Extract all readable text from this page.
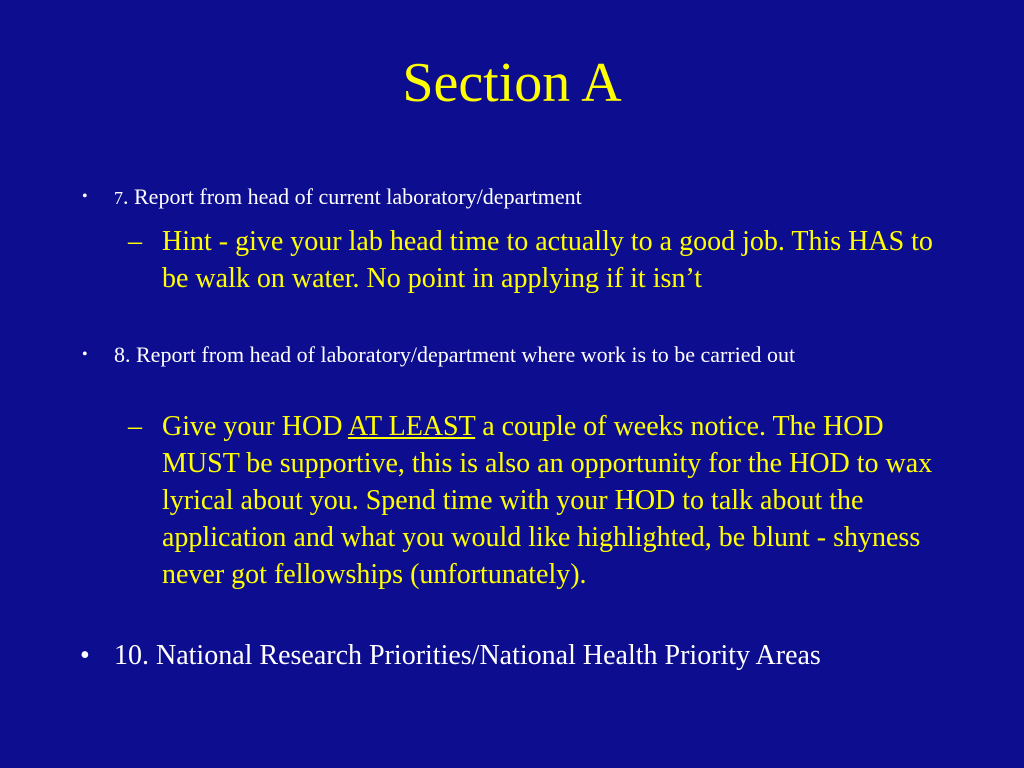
Section A
•	7. Report from head of current laboratory/department
– Hint - give your lab head time to actually to a good job. This HAS to be walk on water. No point in applying if it isn’t
•	8. Report from head of laboratory/department where work is to be carried out
– Give your HOD AT LEAST a couple of weeks notice. The HOD MUST be supportive, this is also an opportunity for the HOD to wax lyrical about you. Spend time with your HOD to talk about the application and what you would like highlighted, be blunt - shyness never got fellowships (unfortunately).
• 10. National Research Priorities/National Health Priority Areas
